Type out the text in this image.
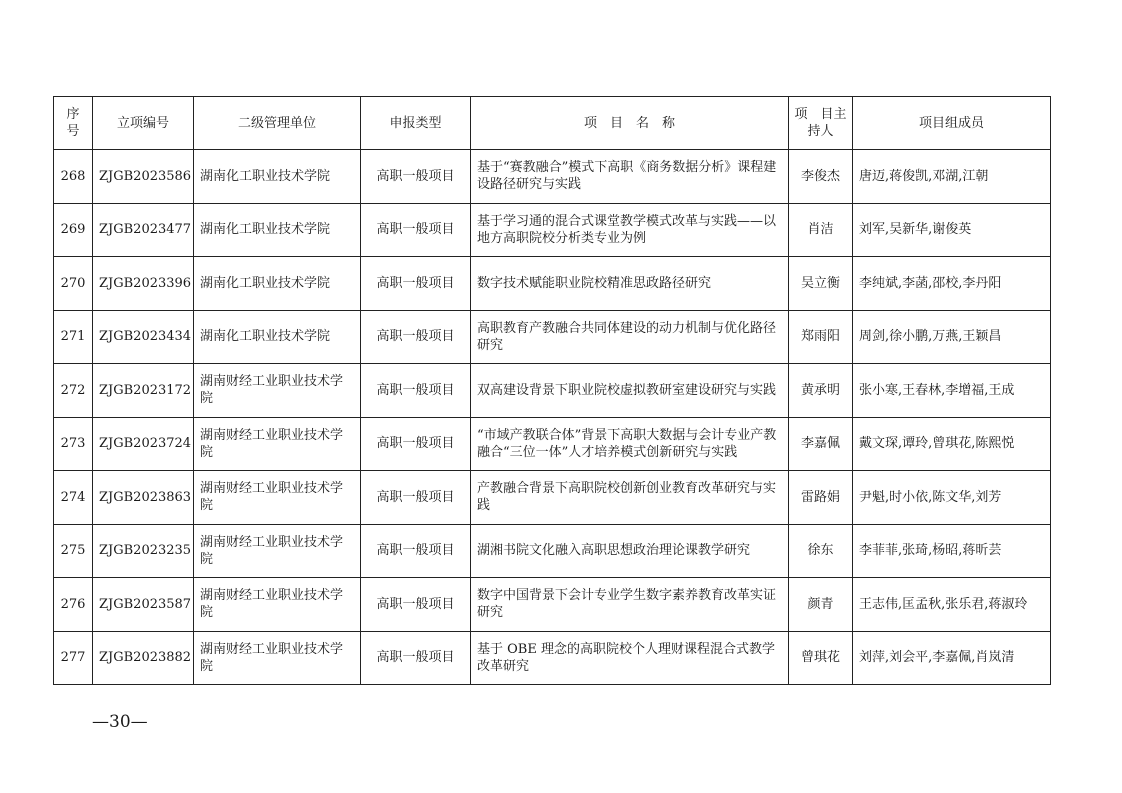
序号	立项编号	二级管理单位	申报类型	项　目　名　称	项　目主持人	项目组成员
268	ZJGB2023586	湖南化工职业技术学院	高职一般项目	基于“赛教融合”模式下高职《商务数据分析》课程建设路径研究与实践	李俊杰	唐迈,蒋俊凯,邓湖,江朝
269	ZJGB2023477	湖南化工职业技术学院	高职一般项目	基于学习通的混合式课堂教学模式改革与实践——以地方高职院校分析类专业为例	肖洁	刘军,吴新华,谢俊英
270	ZJGB2023396	湖南化工职业技术学院	高职一般项目	数字技术赋能职业院校精准思政路径研究	吴立衡	李纯斌,李菡,邵校,李丹阳
271	ZJGB2023434	湖南化工职业技术学院	高职一般项目	高职教育产教融合共同体建设的动力机制与优化路径研究	郑雨阳	周剑,徐小鹏,万燕,王颖昌
272	ZJGB2023172	湖南财经工业职业技术学院	高职一般项目	双高建设背景下职业院校虚拟教研室建设研究与实践	黄承明	张小寒,王春林,李增福,王成
273	ZJGB2023724	湖南财经工业职业技术学院	高职一般项目	“市域产教联合体”背景下高职大数据与会计专业产教融合“三位一体”人才培养模式创新研究与实践	李嘉佩	戴文琛,谭玲,曾琪花,陈熙悦
274	ZJGB2023863	湖南财经工业职业技术学院	高职一般项目	产教融合背景下高职院校创新创业教育改革研究与实践	雷路娟	尹魁,时小依,陈文华,刘芳
275	ZJGB2023235	湖南财经工业职业技术学院	高职一般项目	湖湘书院文化融入高职思想政治理论课教学研究	徐东	李菲菲,张琦,杨昭,蒋昕芸
276	ZJGB2023587	湖南财经工业职业技术学院	高职一般项目	数字中国背景下会计专业学生数字素养教育改革实证研究	颜青	王志伟,匡孟秋,张乐君,蒋淑玲
277	ZJGB2023882	湖南财经工业职业技术学院	高职一般项目	基于 OBE 理念的高职院校个人理财课程混合式教学改革研究	曾琪花	刘萍,刘会平,李嘉佩,肖岚清
—30—
